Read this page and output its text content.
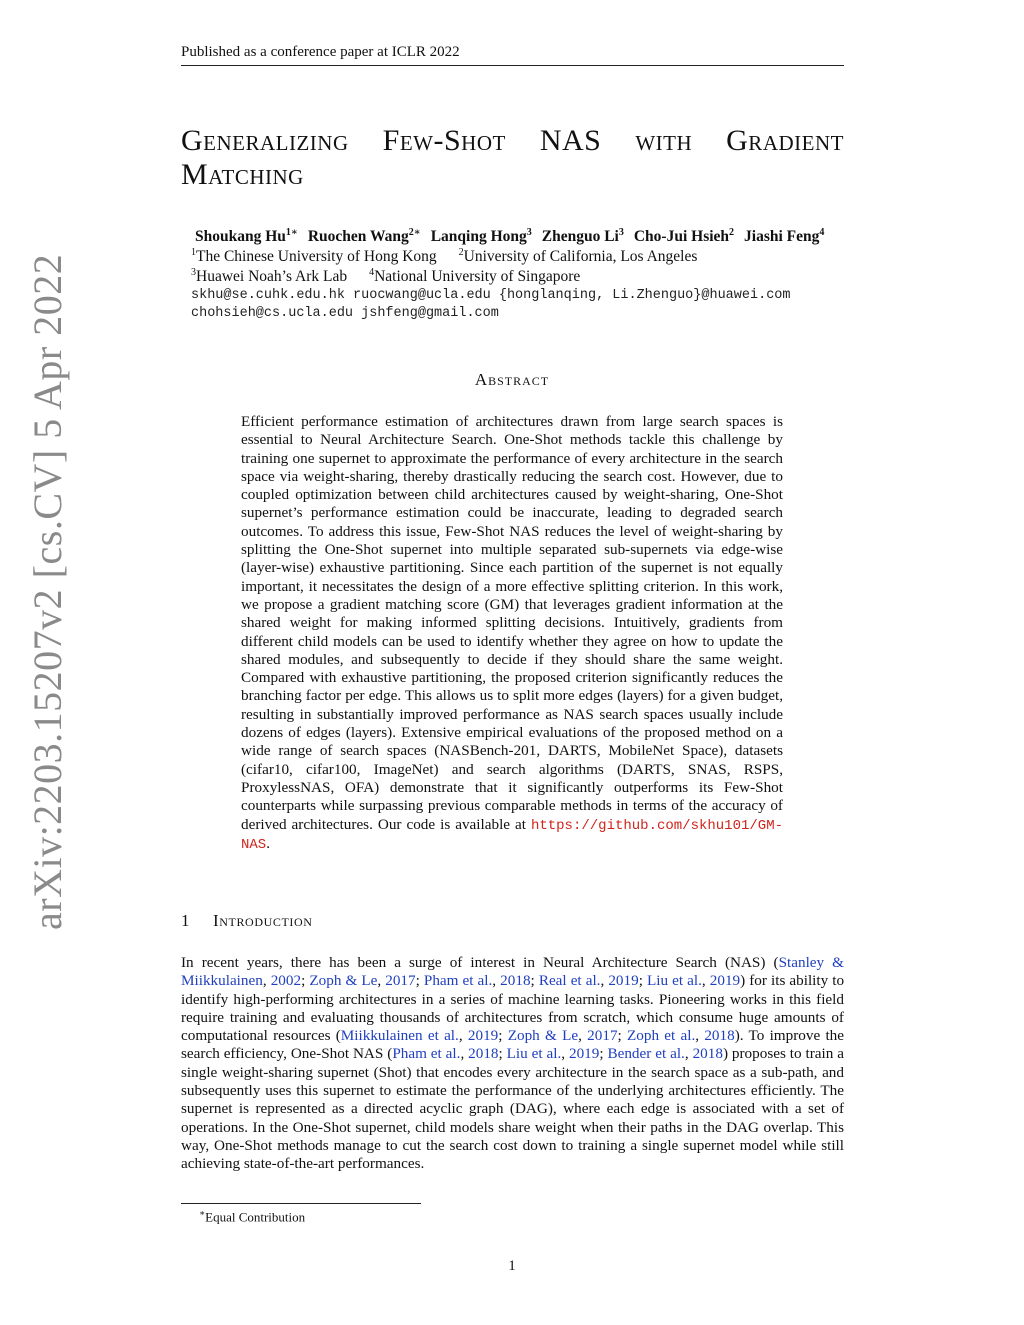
Published as a conference paper at ICLR 2022
arXiv:2203.15207v2 [cs.CV] 5 Apr 2022
Generalizing Few-Shot NAS with Gradient
Matching
Shoukang $Hu^{1∗}$ Ruochen Wang$^{2∗}$ Lanqing Hong$^3$ Zhenguo Li$^3$ Cho-Jui Hsieh$^2$ Jiashi Feng$^4$
$^1$The Chinese University of Hong Kong $^2$University of California, Los Angeles
$^3$Huawei Noah’s Ark Lab $^4$National University of Singapore
skhu@se.cuhk.edu.hk ruocwang@ucla.edu {honglanqing, Li.Zhenguo}@huawei.com
chohsieh@cs.ucla.edu jshfeng@gmail.com
Abstract
Efficient performance estimation of architectures drawn from large search spaces is essential to Neural Architecture Search. One-Shot methods tackle this challenge by training one supernet to approximate the performance of every architecture in the search space via weight-sharing, thereby drastically reducing the search cost. However, due to coupled optimization between child architectures caused by weight-sharing, One-Shot supernet’s performance estimation could be inaccurate, leading to degraded search outcomes. To address this issue, Few-Shot NAS reduces the level of weight-sharing by splitting the One-Shot supernet into multiple separated sub-supernets via edge-wise (layer-wise) exhaustive partitioning. Since each partition of the supernet is not equally important, it necessitates the design of a more effective splitting criterion. In this work, we propose a gradient matching score (GM) that leverages gradient information at the shared weight for making informed splitting decisions. Intuitively, gradients from different child models can be used to identify whether they agree on how to update the shared modules, and subsequently to decide if they should share the same weight. Compared with exhaustive partitioning, the proposed criterion significantly reduces the branching factor per edge. This allows us to split more edges (layers) for a given budget, resulting in substantially improved performance as NAS search spaces usually include dozens of edges (layers). Extensive empirical evaluations of the proposed method on a wide range of search spaces (NASBench-201, DARTS, MobileNet Space), datasets (cifar10, cifar100, ImageNet) and search algorithms (DARTS, SNAS, RSPS, ProxylessNAS, OFA) demonstrate that it significantly outperforms its Few-Shot counterparts while surpassing previous comparable methods in terms of the accuracy of derived architectures. Our code is available at https://github.com/skhu101/GM-NAS.
1 Introduction
In recent years, there has been a surge of interest in Neural Architecture Search (NAS) (Stanley & Miikkulainen, 2002; Zoph & Le, 2017; Pham et al., 2018; Real et al., 2019; Liu et al., 2019) for its ability to identify high-performing architectures in a series of machine learning tasks. Pioneering works in this field require training and evaluating thousands of architectures from scratch, which consume huge amounts of computational resources (Miikkulainen et al., 2019; Zoph & Le, 2017; Zoph et al., 2018). To improve the search efficiency, One-Shot NAS (Pham et al., 2018; Liu et al., 2019; Bender et al., 2018) proposes to train a single weight-sharing supernet (Shot) that encodes every architecture in the search space as a sub-path, and subsequently uses this supernet to estimate the performance of the underlying architectures efficiently. The supernet is represented as a directed acyclic graph (DAG), where each edge is associated with a set of operations. In the One-Shot supernet, child models share weight when their paths in the DAG overlap. This way, One-Shot methods manage to cut the search cost down to training a single supernet model while still achieving state-of-the-art performances.
∗Equal Contribution
1
